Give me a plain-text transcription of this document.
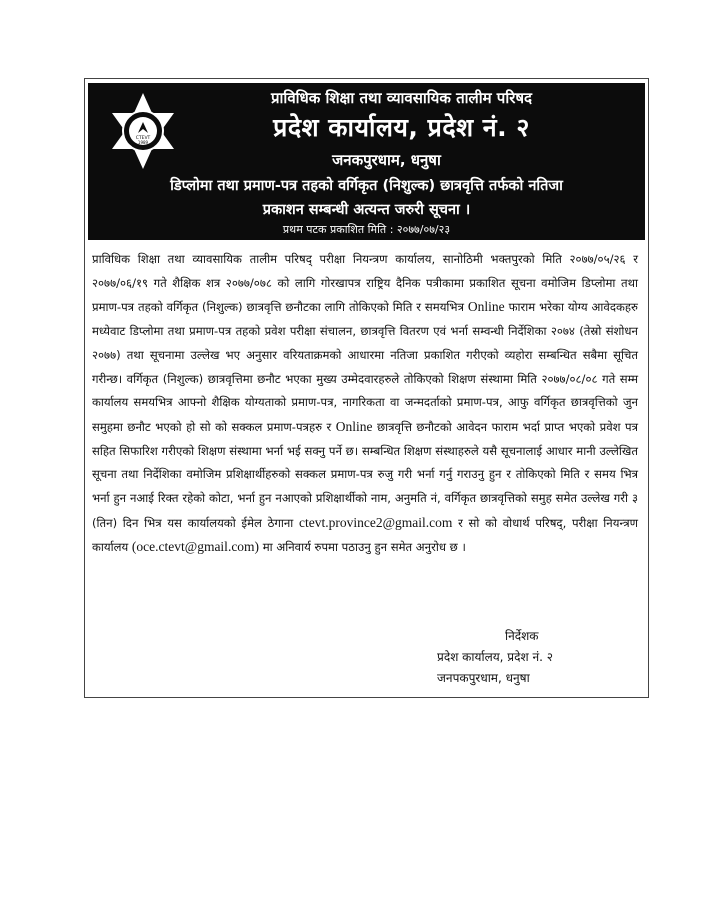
CTEVT
1989
प्राविधिक शिक्षा तथा व्यावसायिक तालीम परिषद
प्रदेश कार्यालय, प्रदेश नं. २
जनकपुरधाम, धनुषा
डिप्लोमा तथा प्रमाण-पत्र तहको वर्गिकृत (निशुल्क) छात्रवृत्ति तर्फको नतिजा
प्रकाशन सम्बन्धी अत्यन्त जरुरी सूचना ।
प्रथम पटक प्रकाशित मिति : २०७७/०७/२३
प्राविधिक शिक्षा तथा व्यावसायिक तालीम परिषद् परीक्षा नियन्त्रण कार्यालय, सानोठिमी भक्तपुरको मिति २०७७/०५/२६ र २०७७/०६/१९ गते शैक्षिक शत्र २०७७/०७८ को लागि गोरखापत्र राष्ट्रिय दैनिक पत्रीकामा प्रकाशित सूचना वमोजिम डिप्लोमा तथा प्रमाण-पत्र तहको वर्गिकृत (निशुल्क) छात्रवृत्ति छनौटका लागि तोकिएको मिति र समयभित्र Online फाराम भरेका योग्य आवेदकहरु मध्येवाट डिप्लोमा तथा प्रमाण-पत्र तहको प्रवेश परीक्षा संचालन, छात्रवृत्ति वितरण एवं भर्ना सम्वन्धी निर्देशिका २०७४ (तेस्रो संशोधन २०७७) तथा सूचनामा उल्लेख भए अनुसार वरियताक्रमको आधारमा नतिजा प्रकाशित गरीएको व्यहोरा सम्बन्धित सबैमा सूचित गरीन्छ। वर्गिकृत (निशुल्क) छात्रवृत्तिमा छनौट भएका मुख्य उम्मेदवारहरुले तोकिएको शिक्षण संस्थामा मिति २०७७/०८/०८ गते सम्म कार्यालय समयभित्र आफ्नो शैक्षिक योग्यताको प्रमाण-पत्र, नागरिकता वा जन्मदर्ताको प्रमाण-पत्र, आफु वर्गिकृत छात्रवृत्तिको जुन समुहमा छनौट भएको हो सो को सक्कल प्रमाण-पत्रहरु र Online छात्रवृत्ति छनौटको आवेदन फाराम भर्दा प्राप्त भएको प्रवेश पत्र सहित सिफारिश गरीएको शिक्षण संस्थामा भर्ना भई सक्नु पर्ने छ। सम्बन्धित शिक्षण संस्थाहरुले यसै सूचनालाई आधार मानी उल्लेखित सूचना तथा निर्देशिका वमोजिम प्रशिक्षार्थीहरुको सक्कल प्रमाण-पत्र रुजु गरी भर्ना गर्नु गराउनु हुन र तोकिएको मिति र समय भित्र भर्ना हुन नआई रिक्त रहेको कोटा, भर्ना हुन नआएको प्रशिक्षार्थीको नाम, अनुमति नं, वर्गिकृत छात्रवृत्तिको समुह समेत उल्लेख गरी ३ (तिन) दिन भित्र यस कार्यालयको ईमेल ठेगाना ctevt.province2@gmail.com र सो को वोधार्थ परिषद्, परीक्षा नियन्त्रण कार्यालय (oce.ctevt@gmail.com) मा अनिवार्य रुपमा पठाउनु हुन समेत अनुरोध छ ।
निर्देशक
प्रदेश कार्यालय, प्रदेश नं. २
जनपकपुरधाम, धनुषा
